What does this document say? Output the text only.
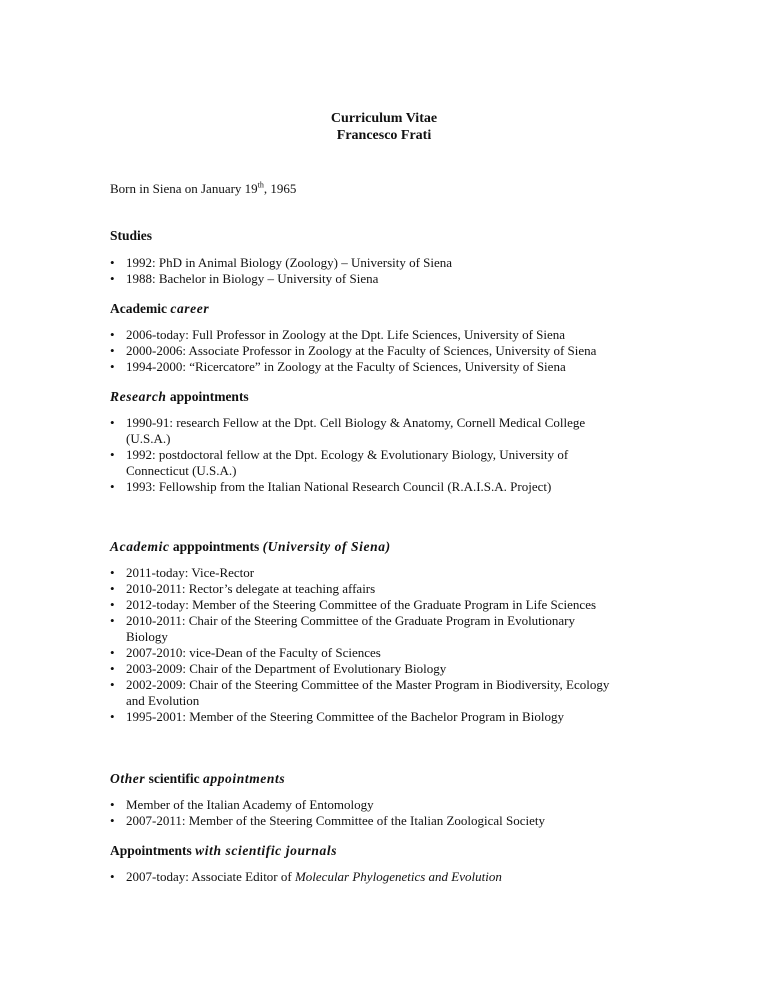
Curriculum Vitae
Francesco Frati
Born in Siena on January 19th, 1965
Studies
• 1992: PhD in Animal Biology (Zoology) – University of Siena
• 1988: Bachelor in Biology – University of Siena
Academic career
• 2006-today: Full Professor in Zoology at the Dpt. Life Sciences, University of Siena
• 2000-2006: Associate Professor in Zoology at the Faculty of Sciences, University of Siena
• 1994-2000: “Ricercatore” in Zoology at the Faculty of Sciences, University of Siena
Research appointments
• 1990-91: research Fellow at the Dpt. Cell Biology & Anatomy, Cornell Medical College
(U.S.A.)
• 1992: postdoctoral fellow at the Dpt. Ecology & Evolutionary Biology, University of
Connecticut (U.S.A.)
• 1993: Fellowship from the Italian National Research Council (R.A.I.S.A. Project)
Academic apppointments (University of Siena)
• 2011-today: Vice-Rector
• 2010-2011: Rector’s delegate at teaching affairs
• 2012-today: Member of the Steering Committee of the Graduate Program in Life Sciences
• 2010-2011: Chair of the Steering Committee of the Graduate Program in Evolutionary
Biology
• 2007-2010: vice-Dean of the Faculty of Sciences
• 2003-2009: Chair of the Department of Evolutionary Biology
• 2002-2009: Chair of the Steering Committee of the Master Program in Biodiversity, Ecology
and Evolution
• 1995-2001: Member of the Steering Committee of the Bachelor Program in Biology
Other scientific appointments
• Member of the Italian Academy of Entomology
• 2007-2011: Member of the Steering Committee of the Italian Zoological Society
Appointments with scientific journals
• 2007-today: Associate Editor of Molecular Phylogenetics and Evolution
